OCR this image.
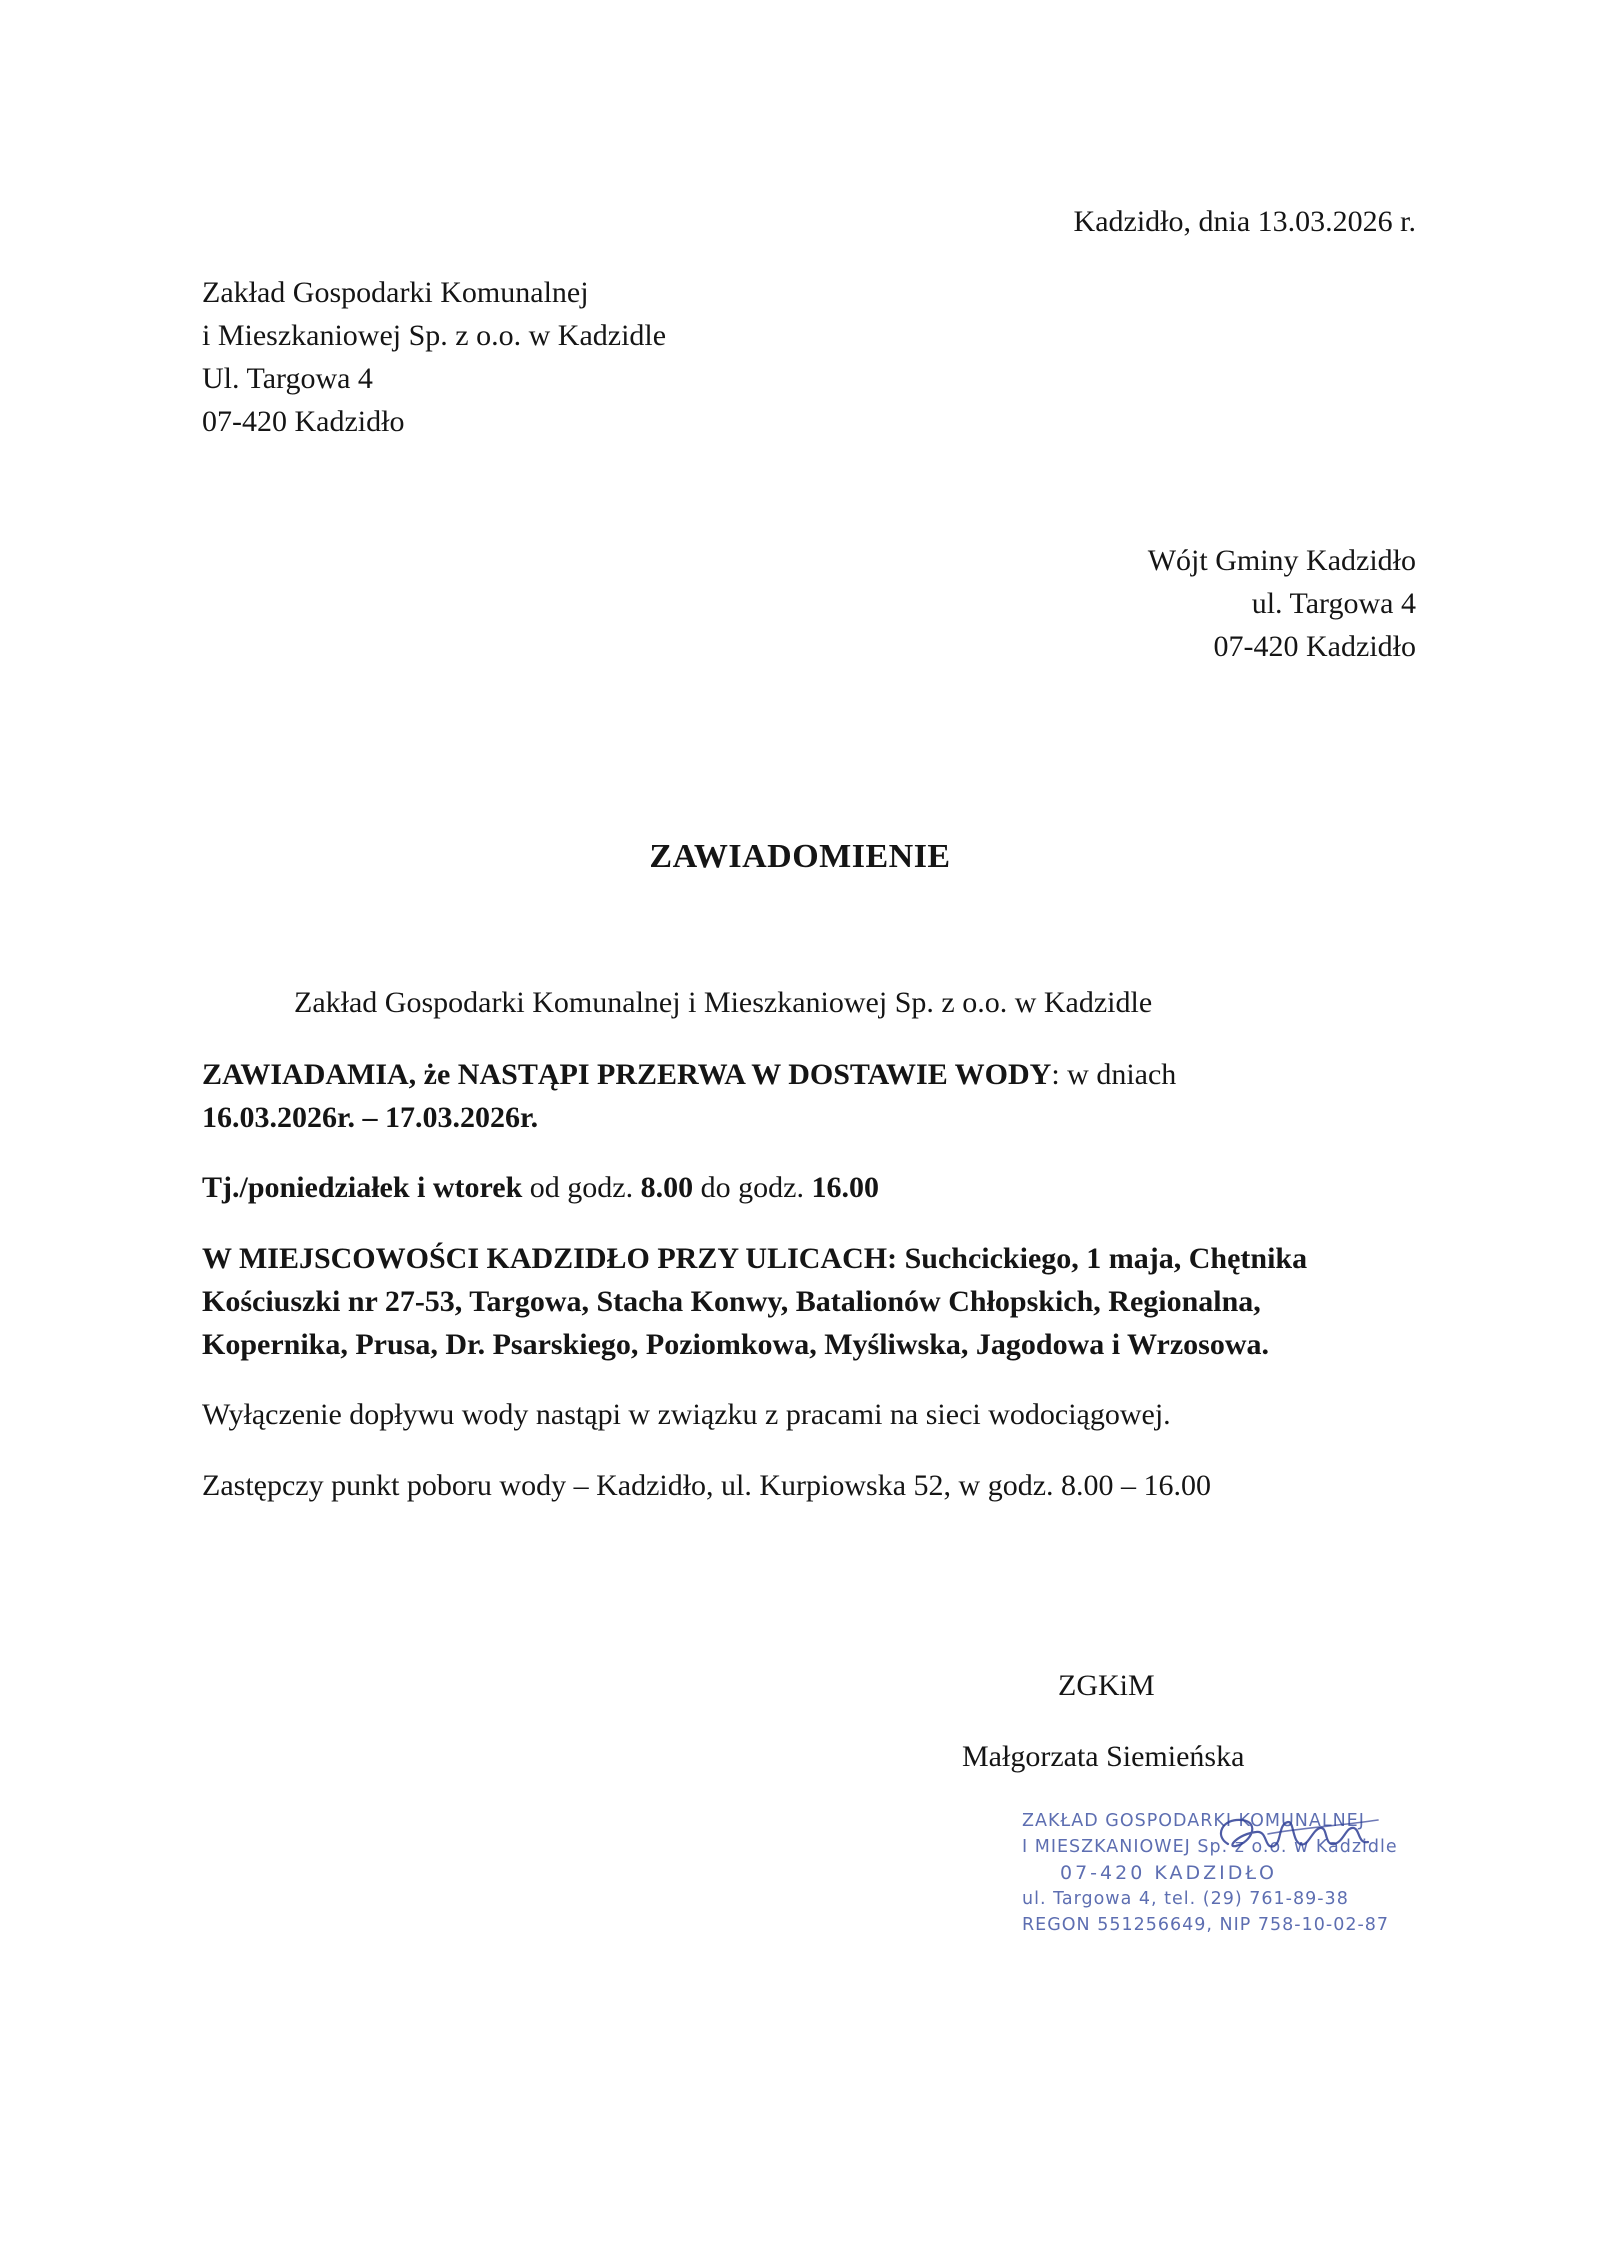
Kadzidło, dnia 13.03.2026 r.
Zakład Gospodarki Komunalnej
i Mieszkaniowej Sp. z o.o. w Kadzidle
Ul. Targowa 4
07-420 Kadzidło
Wójt Gminy Kadzidło
ul. Targowa 4
07-420 Kadzidło
ZAWIADOMIENIE
Zakład Gospodarki Komunalnej i Mieszkaniowej Sp. z o.o. w Kadzidle
ZAWIADAMIA, że NASTĄPI PRZERWA W DOSTAWIE WODY: w dniach
16.03.2026r. – 17.03.2026r.
Tj./poniedziałek i wtorek od godz. 8.00 do godz. 16.00
W MIEJSCOWOŚCI KADZIDŁO PRZY ULICACH: Suchcickiego, 1 maja, Chętnika
Kościuszki nr 27-53, Targowa, Stacha Konwy, Batalionów Chłopskich, Regionalna,
Kopernika, Prusa, Dr. Psarskiego, Poziomkowa, Myśliwska, Jagodowa i Wrzosowa.
Wyłączenie dopływu wody nastąpi w związku z pracami na sieci wodociągowej.
Zastępczy punkt poboru wody – Kadzidło, ul. Kurpiowska 52, w godz. 8.00 – 16.00
ZGKiM
Małgorzata Siemieńska
ZAKŁAD GOSPODARKI KOMUNALNEJ
I MIESZKANIOWEJ Sp. z o.o. w Kadzidle
07-420 KADZIDŁO
ul. Targowa 4, tel. (29) 761-89-38
REGON 551256649, NIP 758-10-02-87
